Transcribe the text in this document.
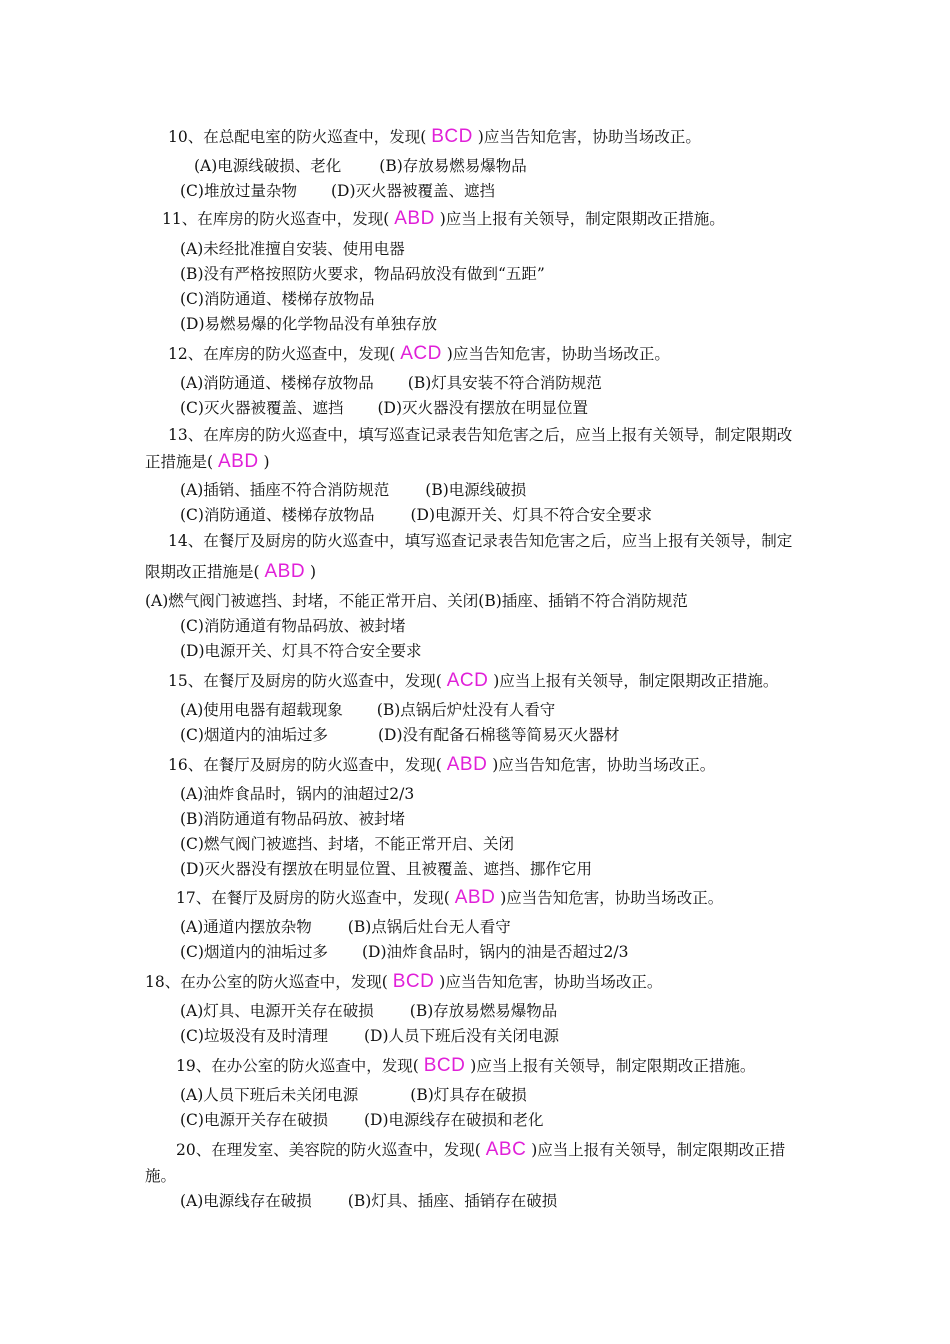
10、在总配电室的防火巡查中，发现( BCD )应当告知危害，协助当场改正。
(A)电源线破损、老化 (B)存放易燃易爆物品
(C)堆放过量杂物 (D)灭火器被覆盖、遮挡
11、在库房的防火巡查中，发现( ABD )应当上报有关领导，制定限期改正措施。
(A)未经批准擅自安装、使用电器
(B)没有严格按照防火要求，物品码放没有做到“五距”
(C)消防通道、楼梯存放物品
(D)易燃易爆的化学物品没有单独存放
12、在库房的防火巡查中，发现( ACD )应当告知危害，协助当场改正。
(A)消防通道、楼梯存放物品 (B)灯具安装不符合消防规范
(C)灭火器被覆盖、遮挡 (D)灭火器没有摆放在明显位置
13、在库房的防火巡查中，填写巡查记录表告知危害之后，应当上报有关领导，制定限期改
正措施是( ABD )
(A)插销、插座不符合消防规范 (B)电源线破损
(C)消防通道、楼梯存放物品 (D)电源开关、灯具不符合安全要求
14、在餐厅及厨房的防火巡查中，填写巡查记录表告知危害之后，应当上报有关领导，制定
限期改正措施是( ABD )
(A)燃气阀门被遮挡、封堵，不能正常开启、关闭(B)插座、插销不符合消防规范
(C)消防通道有物品码放、被封堵
(D)电源开关、灯具不符合安全要求
15、在餐厅及厨房的防火巡查中，发现( ACD )应当上报有关领导，制定限期改正措施。
(A)使用电器有超载现象 (B)点锅后炉灶没有人看守
(C)烟道内的油垢过多	(D)没有配备石棉毯等简易灭火器材
16、在餐厅及厨房的防火巡查中，发现( ABD )应当告知危害，协助当场改正。
(A)油炸食品时，锅内的油超过2/3
(B)消防通道有物品码放、被封堵
(C)燃气阀门被遮挡、封堵，不能正常开启、关闭
(D)灭火器没有摆放在明显位置、且被覆盖、遮挡、挪作它用
17、在餐厅及厨房的防火巡查中，发现( ABD )应当告知危害，协助当场改正。
(A)通道内摆放杂物 (B)点锅后灶台无人看守
(C)烟道内的油垢过多 (D)油炸食品时，锅内的油是否超过2/3
18、在办公室的防火巡查中，发现( BCD )应当告知危害，协助当场改正。
(A)灯具、电源开关存在破损 (B)存放易燃易爆物品
(C)垃圾没有及时清理 (D)人员下班后没有关闭电源
19、在办公室的防火巡查中，发现( BCD )应当上报有关领导，制定限期改正措施。
(A)人员下班后未关闭电源	(B)灯具存在破损
(C)电源开关存在破损 (D)电源线存在破损和老化
20、在理发室、美容院的防火巡查中，发现( ABC )应当上报有关领导，制定限期改正措
施。
(A)电源线存在破损 (B)灯具、插座、插销存在破损
